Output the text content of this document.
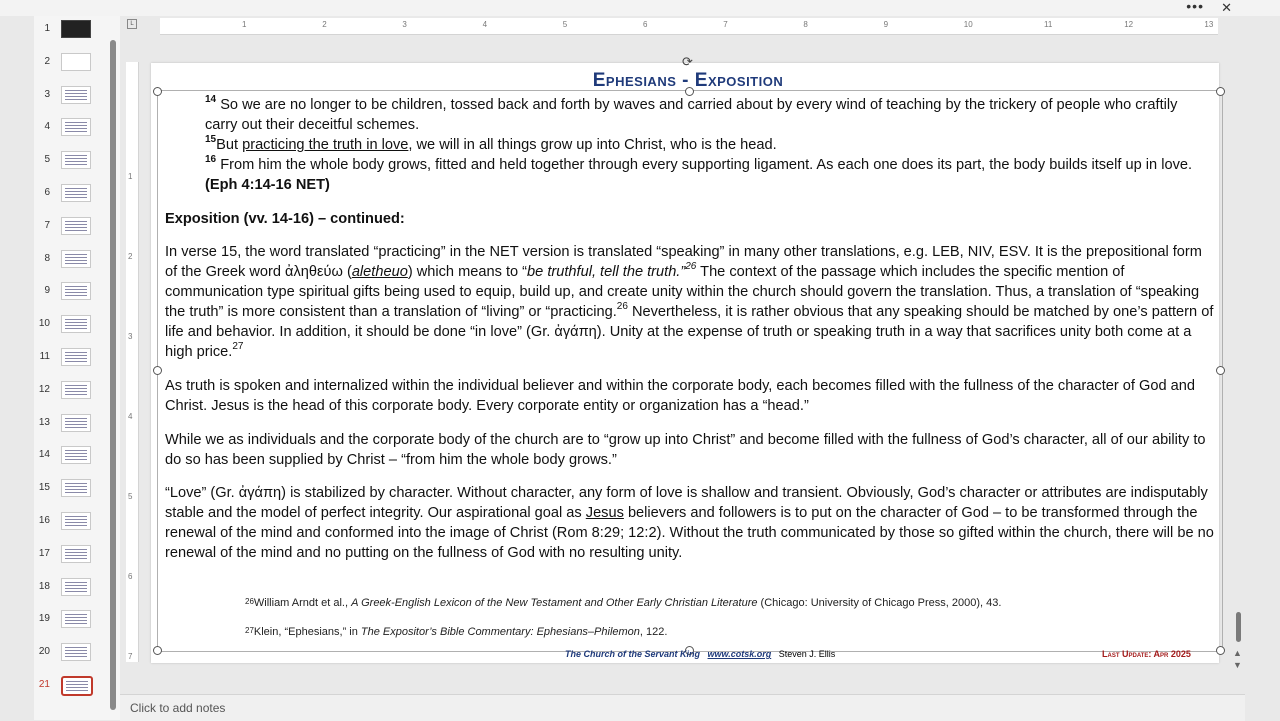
••• ✕
1
2
3
4
5
6
7
8
9
10
11
12
13
14
15
16
17
18
19
20
21
L	1	2	3	4	5	6	7	8	9	10	11	12	13
1
2
3
4
5
6
7
⟳
Ephesians - Exposition
$^{14}$ So we are no longer to be children, tossed back and forth by waves and carried about by every wind of teaching by the trickery of people who craftily carry out their deceitful schemes.
$^{15}$But practicing the truth in love, we will in all things grow up into Christ, who is the head.
$^{16}$ From him the whole body grows, fitted and held together through every supporting ligament. As each one does its part, the body builds itself up in love. (Eph 4:14-16 NET)
Exposition (vv. 14-16) – continued:
In verse 15, the word translated “practicing” in the NET version is translated “speaking” in many other translations, e.g. LEB, NIV, ESV. It is the prepositional form of the Greek word ἀληθεύω (aletheuo) which means to “be truthful, tell the truth.”$^{26}$ The context of the passage which includes the specific mention of communication type spiritual gifts being used to equip, build up, and create unity within the church should govern the translation. Thus, a translation of “speaking the truth” is more consistent than a translation of “living” or “practicing.$^{26}$ Nevertheless, it is rather obvious that any speaking should be matched by one’s pattern of life and behavior. In addition, it should be done “in love” (Gr. ἀγάπη). Unity at the expense of truth or speaking truth in a way that sacrifices unity both come at a high price.$^{27}$
As truth is spoken and internalized within the individual believer and within the corporate body, each becomes filled with the fullness of the character of God and Christ. Jesus is the head of this corporate body. Every corporate entity or organization has a “head.”
While we as individuals and the corporate body of the church are to “grow up into Christ” and become filled with the fullness of God’s character, all of our ability to do so has been supplied by Christ – “from him the whole body grows.”
“Love” (Gr. ἀγάπη) is stabilized by character. Without character, any form of love is shallow and transient. Obviously, God’s character or attributes are indisputably stable and the model of perfect integrity. Our aspirational goal as Jesus believers and followers is to put on the character of God – to be transformed through the renewal of the mind and conformed into the image of Christ (Rom 8:29; 12:2). Without the truth communicated by those so gifted within the church, there will be no renewal of the mind and no putting on the fullness of God with no resulting unity.
$^{26}$William Arndt et al., A Greek-English Lexicon of the New Testament and Other Early Christian Literature (Chicago: University of Chicago Press, 2000), 43.
$^{27}$Klein, “Ephesians,” in The Expositor’s Bible Commentary: Ephesians–Philemon, 122.
The Church of the Servant King www.cotsk.org Steven J. Ellis	Last Update: Apr 2025	▲
▼
Click to add notes
